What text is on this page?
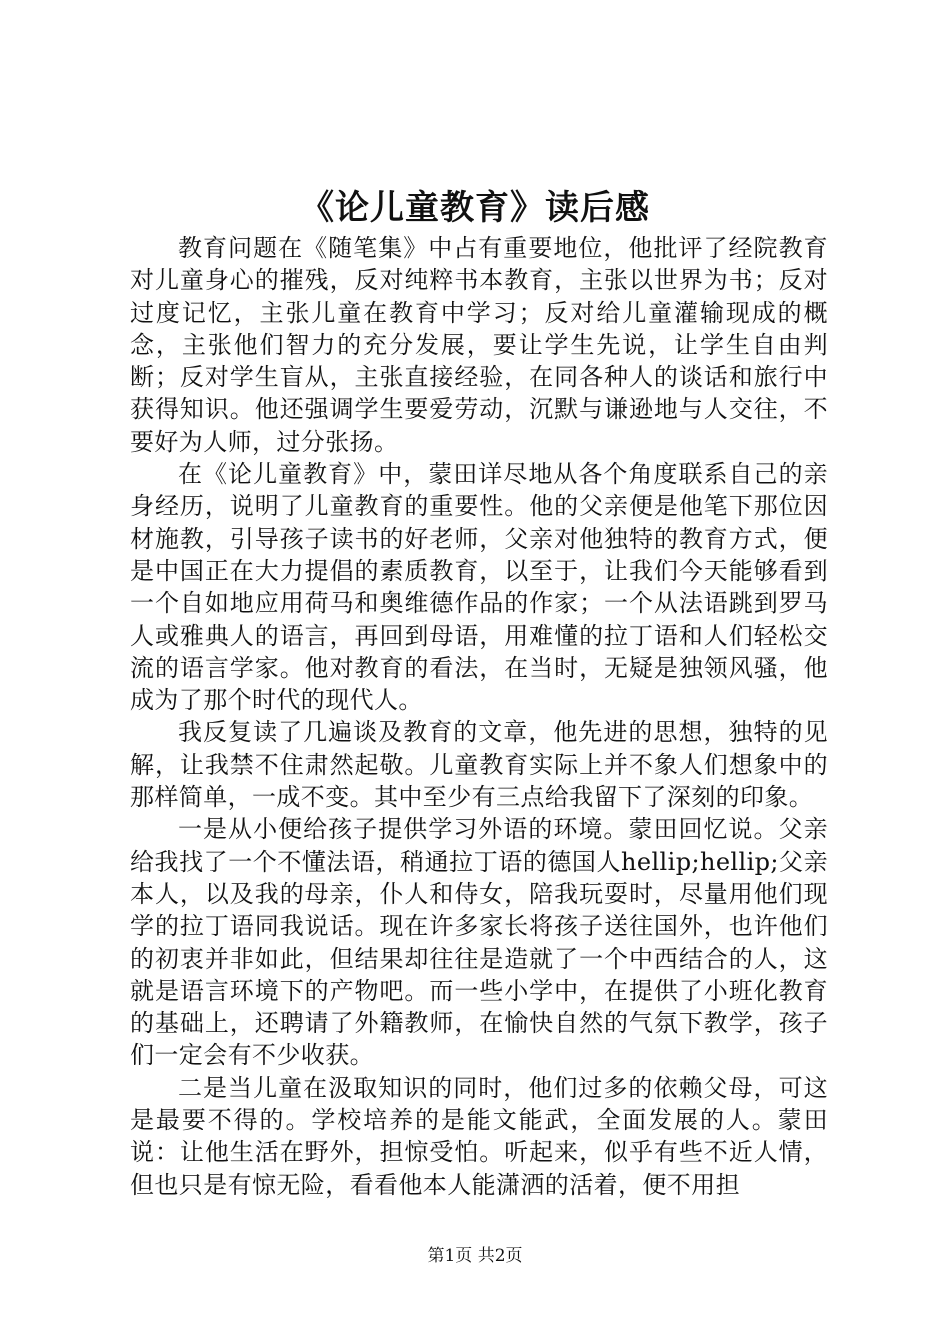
《论儿童教育》读后感

教育问题在《随笔集》中占有重要地位，他批评了经院教育对儿童身心的摧残，反对纯粹书本教育，主张以世界为书；反对过度记忆，主张儿童在教育中学习；反对给儿童灌输现成的概念，主张他们智力的充分发展，要让学生先说，让学生自由判断；反对学生盲从，主张直接经验，在同各种人的谈话和旅行中获得知识。他还强调学生要爱劳动，沉默与谦逊地与人交往，不要好为人师，过分张扬。

在《论儿童教育》中，蒙田详尽地从各个角度联系自己的亲身经历，说明了儿童教育的重要性。他的父亲便是他笔下那位因材施教，引导孩子读书的好老师，父亲对他独特的教育方式，便是中国正在大力提倡的素质教育，以至于，让我们今天能够看到一个自如地应用荷马和奥维德作品的作家；一个从法语跳到罗马人或雅典人的语言，再回到母语，用难懂的拉丁语和人们轻松交流的语言学家。他对教育的看法，在当时，无疑是独领风骚，他成为了那个时代的现代人。

我反复读了几遍谈及教育的文章，他先进的思想，独特的见解，让我禁不住肃然起敬。儿童教育实际上并不象人们想象中的那样简单，一成不变。其中至少有三点给我留下了深刻的印象。

一是从小便给孩子提供学习外语的环境。蒙田回忆说。父亲给我找了一个不懂法语，稍通拉丁语的德国人hellip;hellip;父亲本人，以及我的母亲，仆人和侍女，陪我玩耍时，尽量用他们现学的拉丁语同我说话。现在许多家长将孩子送往国外，也许他们的初衷并非如此，但结果却往往是造就了一个中西结合的人，这就是语言环境下的产物吧。而一些小学中，在提供了小班化教育的基础上，还聘请了外籍教师，在愉快自然的气氛下教学，孩子们一定会有不少收获。

二是当儿童在汲取知识的同时，他们过多的依赖父母，可这是最要不得的。学校培养的是能文能武，全面发展的人。蒙田说：让他生活在野外，担惊受怕。听起来，似乎有些不近人情，但也只是有惊无险，看看他本人能潇洒的活着，便不用担

第1页 共2页
